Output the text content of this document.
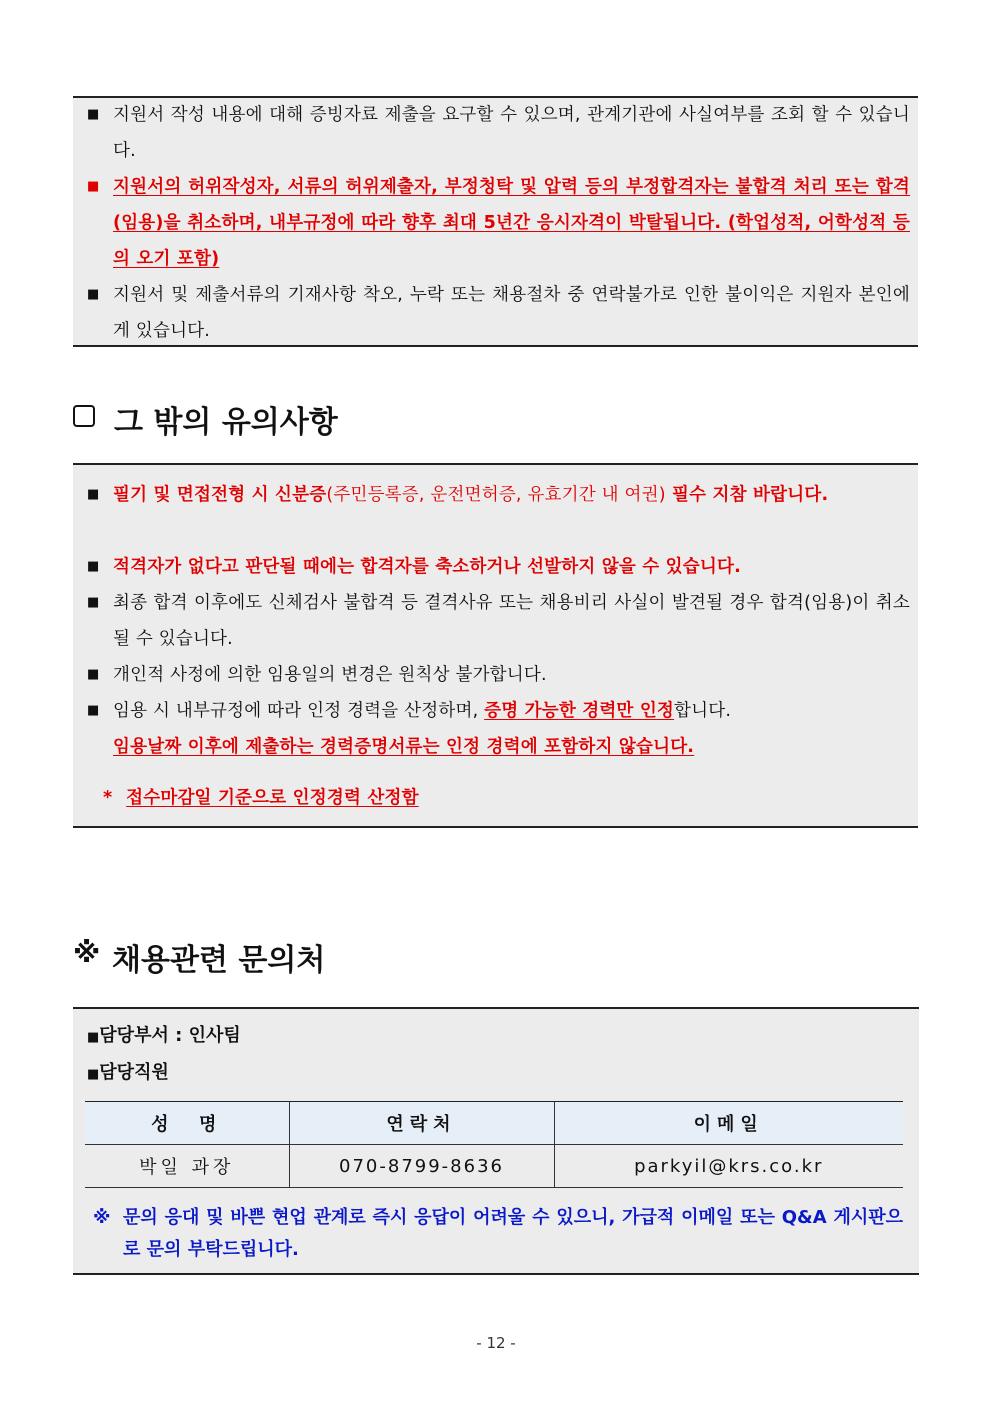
■ 지원서 작성 내용에 대해 증빙자료 제출을 요구할 수 있으며, 관계기관에 사실여부를 조회 할 수 있습니다.
■ 지원서의 허위작성자, 서류의 허위제출자, 부정청탁 및 압력 등의 부정합격자는 불합격 처리 또는 합격(임용)을 취소하며, 내부규정에 따라 향후 최대 5년간 응시자격이 박탈됩니다. (학업성적, 어학성적 등의 오기 포함)
■ 지원서 및 제출서류의 기재사항 착오, 누락 또는 채용절차 중 연락불가로 인한 불이익은 지원자 본인에게 있습니다.
그 밖의 유의사항
■ 필기 및 면접전형 시 신분증(주민등록증, 운전면허증, 유효기간 내 여권) 필수 지참 바랍니다.
■ 적격자가 없다고 판단될 때에는 합격자를 축소하거나 선발하지 않을 수 있습니다.
■ 최종 합격 이후에도 신체검사 불합격 등 결격사유 또는 채용비리 사실이 발견될 경우 합격(임용)이 취소될 수 있습니다.
■ 개인적 사정에 의한 임용일의 변경은 원칙상 불가합니다.
■ 임용 시 내부규정에 따라 인정 경력을 산정하며, 증명 가능한 경력만 인정합니다.
임용날짜 이후에 제출하는 경력증명서류는 인정 경력에 포함하지 않습니다.
* 접수마감일 기준으로 인정경력 산정함
※ 채용관련 문의처
■담당부서 : 인사팀
■담당직원
성  명	연락처	이메일
박일 과장	070-8799-8636	parkyil@krs.co.kr
※ 문의 응대 및 바쁜 현업 관계로 즉시 응답이 어려울 수 있으니, 가급적 이메일 또는 Q&A 게시판으로 문의 부탁드립니다.
- 12 -
